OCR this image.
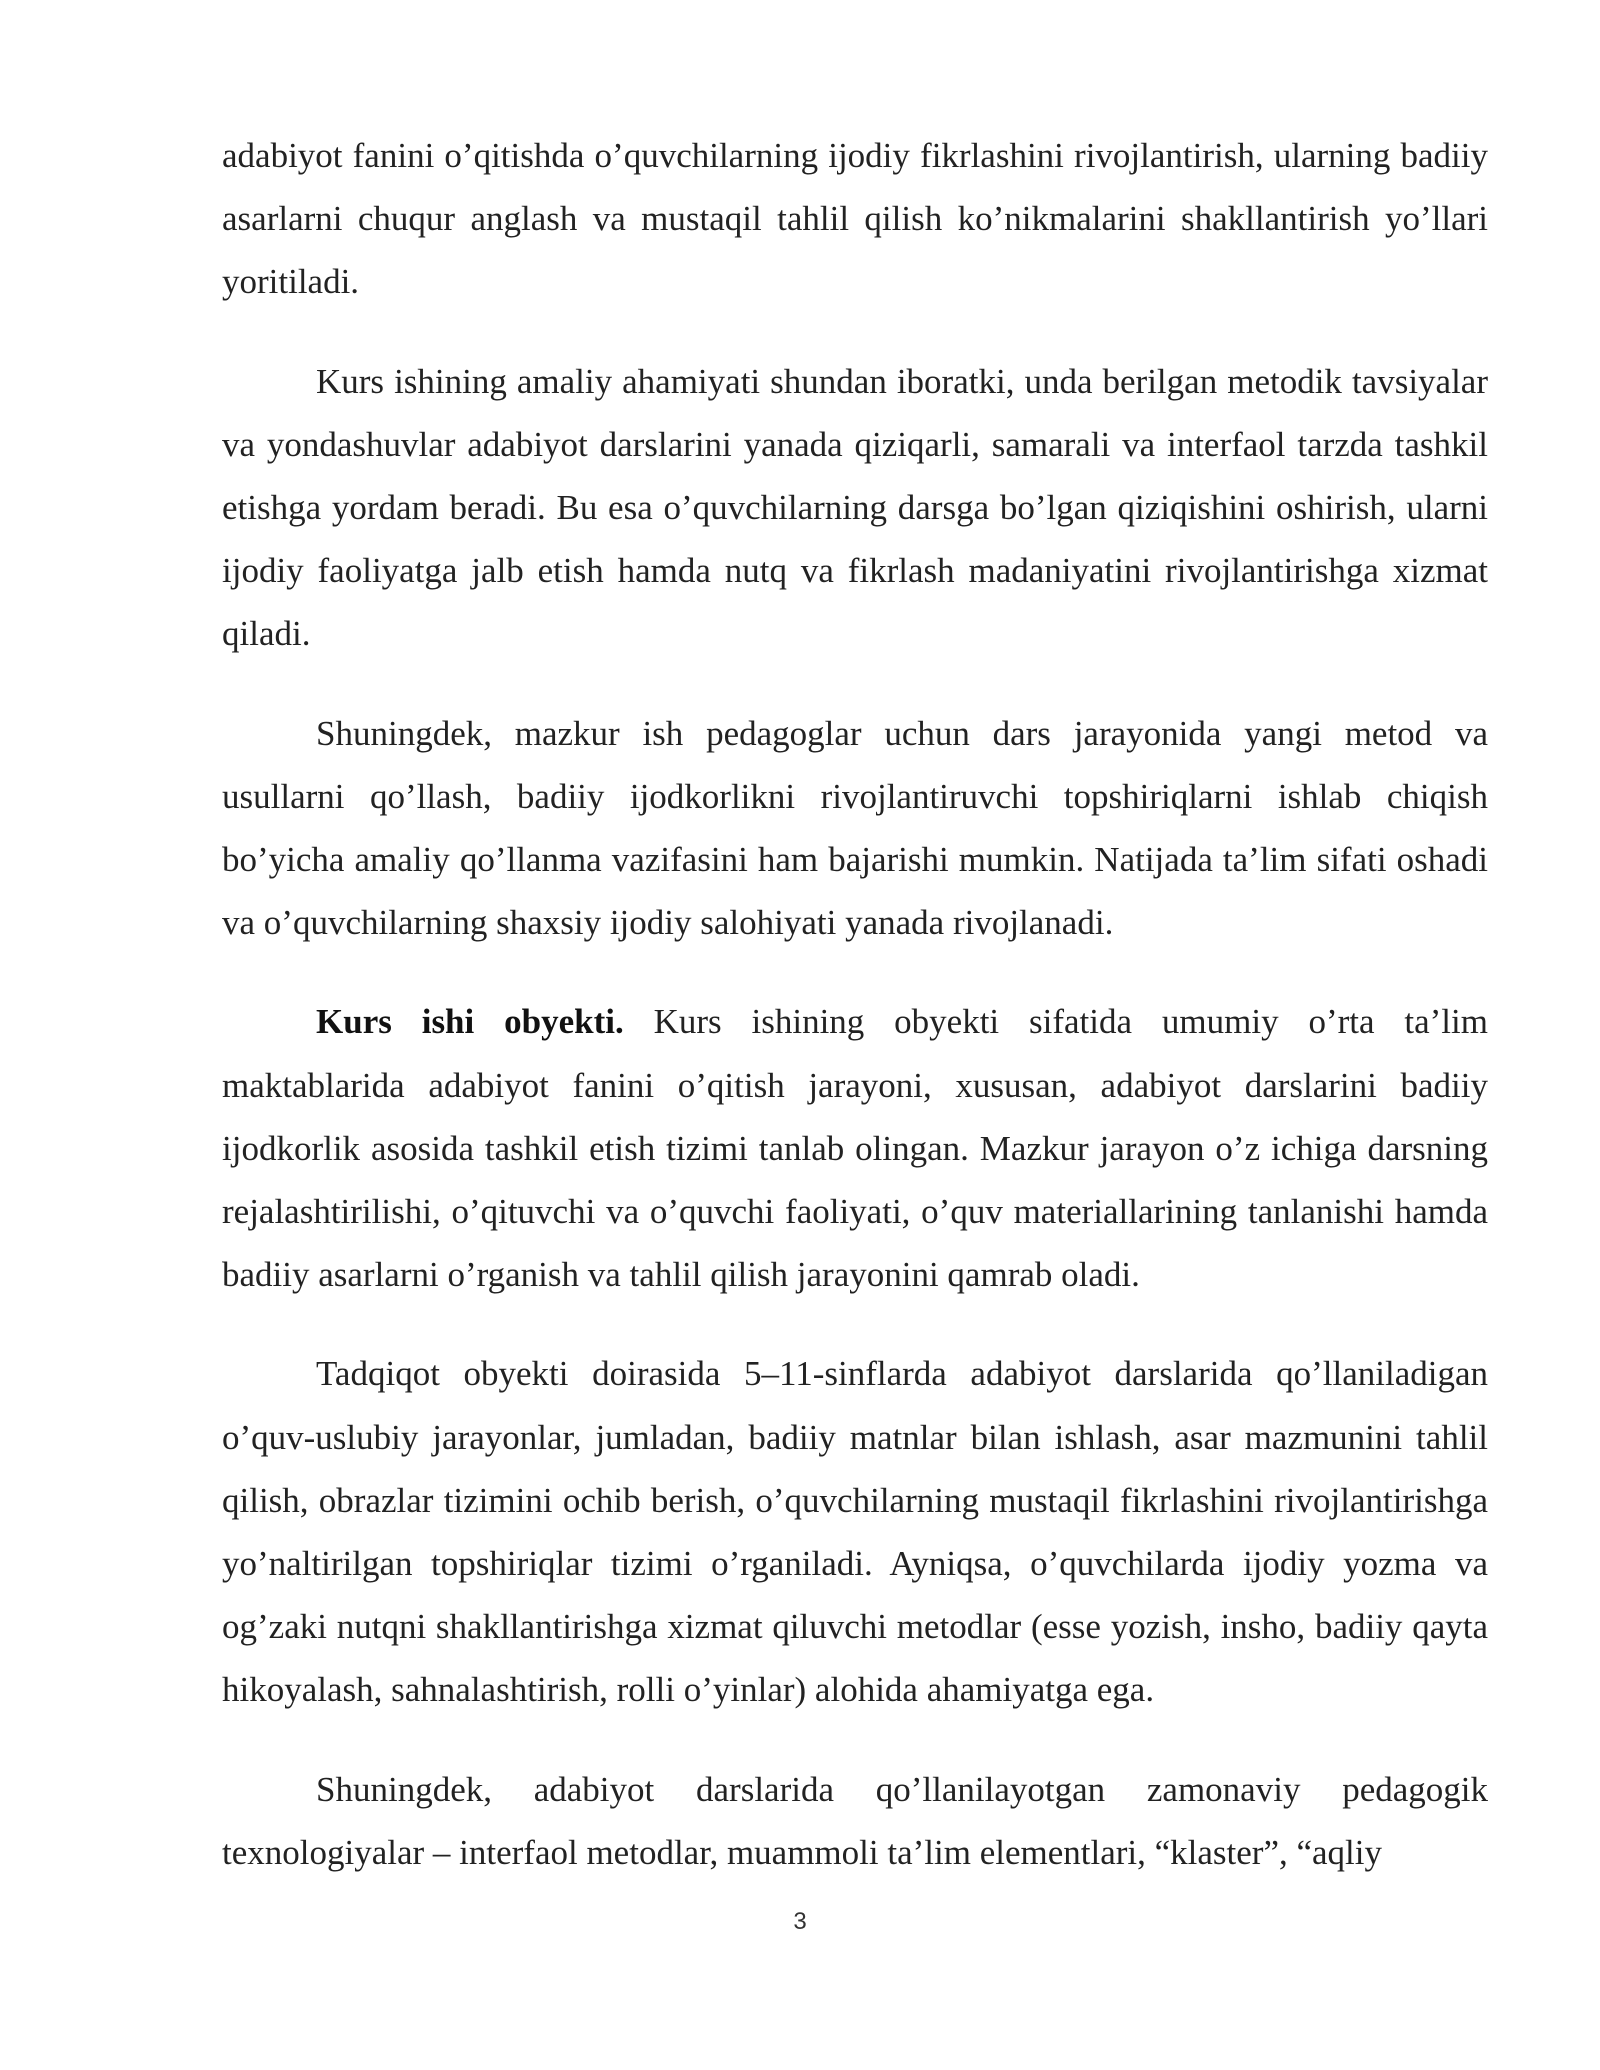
adabiyot fanini o’qitishda o’quvchilarning ijodiy fikrlashini rivojlantirish, ularning badiiy asarlarni chuqur anglash va mustaqil tahlil qilish ko’nikmalarini shakllantirish yo’llari yoritiladi.

Kurs ishining amaliy ahamiyati shundan iboratki, unda berilgan metodik tavsiyalar va yondashuvlar adabiyot darslarini yanada qiziqarli, samarali va interfaol tarzda tashkil etishga yordam beradi. Bu esa o’quvchilarning darsga bo’lgan qiziqishini oshirish, ularni ijodiy faoliyatga jalb etish hamda nutq va fikrlash madaniyatini rivojlantirishga xizmat qiladi.

Shuningdek, mazkur ish pedagoglar uchun dars jarayonida yangi metod va usullarni qo’llash, badiiy ijodkorlikni rivojlantiruvchi topshiriqlarni ishlab chiqish bo’yicha amaliy qo’llanma vazifasini ham bajarishi mumkin. Natijada ta’lim sifati oshadi va o’quvchilarning shaxsiy ijodiy salohiyati yanada rivojlanadi.

Kurs ishi obyekti. Kurs ishining obyekti sifatida umumiy o’rta ta’lim maktablarida adabiyot fanini o’qitish jarayoni, xususan, adabiyot darslarini badiiy ijodkorlik asosida tashkil etish tizimi tanlab olingan. Mazkur jarayon o’z ichiga darsning rejalashtirilishi, o’qituvchi va o’quvchi faoliyati, o’quv materiallarining tanlanishi hamda badiiy asarlarni o’rganish va tahlil qilish jarayonini qamrab oladi.

Tadqiqot obyekti doirasida 5–11-sinflarda adabiyot darslarida qo’llaniladigan o’quv-uslubiy jarayonlar, jumladan, badiiy matnlar bilan ishlash, asar mazmunini tahlil qilish, obrazlar tizimini ochib berish, o’quvchilarning mustaqil fikrlashini rivojlantirishga yo’naltirilgan topshiriqlar tizimi o’rganiladi. Ayniqsa, o’quvchilarda ijodiy yozma va og’zaki nutqni shakllantirishga xizmat qiluvchi metodlar (esse yozish, insho, badiiy qayta hikoyalash, sahnalashtirish, rolli o’yinlar) alohida ahamiyatga ega.

Shuningdek, adabiyot darslarida qo’llanilayotgan zamonaviy pedagogik texnologiyalar – interfaol metodlar, muammoli ta’lim elementlari, “klaster”, “aqliy

3
